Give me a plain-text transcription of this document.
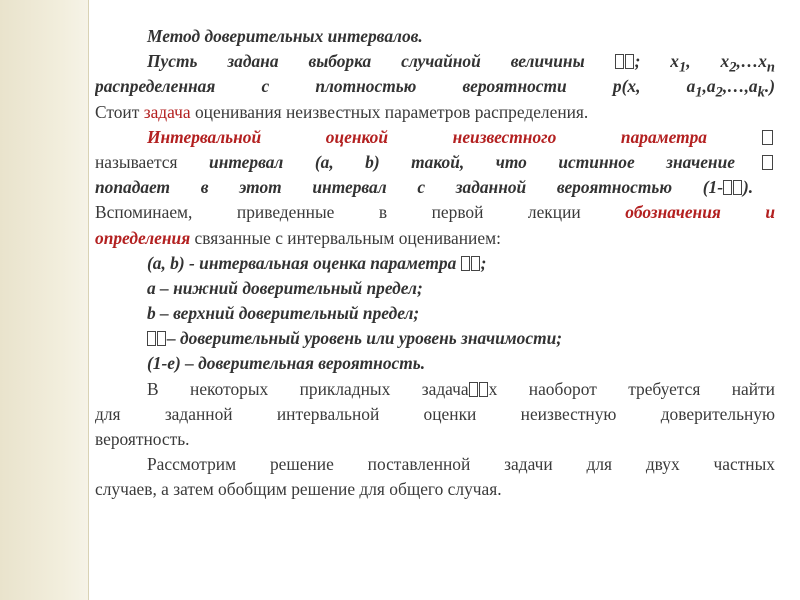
Метод доверительных интервалов.
Пусть задана выборка случайной величины	; $x_1$, $x_2,\dots x_n$
распределенная с плотностью вероятности p(x, $a_1,a_2,\dots,a_k$.)
Стоит задача оценивания неизвестных параметров распределения.
Интервальной оценкой неизвестного параметра
называется интервал (a, b) такой, что истинное значение
попадает в этот интервал с заданной вероятностью (1- ).
Вспоминаем, приведенные в первой лекции обозначения и
определения связанные с интервальным оцениванием:
(a, b) - интервальная оценка параметра ;
a – нижний доверительный предел;
b – верхний доверительный предел;
– доверительный уровень или уровень значимости;
(1-e) – доверительная вероятность.
В некоторых прикладных задача х наоборот требуется найти
для заданной интервальной оценки неизвестную доверительную
вероятность.
Рассмотрим решение поставленной задачи для двух частных
случаев, а затем обобщим решение для общего случая.
